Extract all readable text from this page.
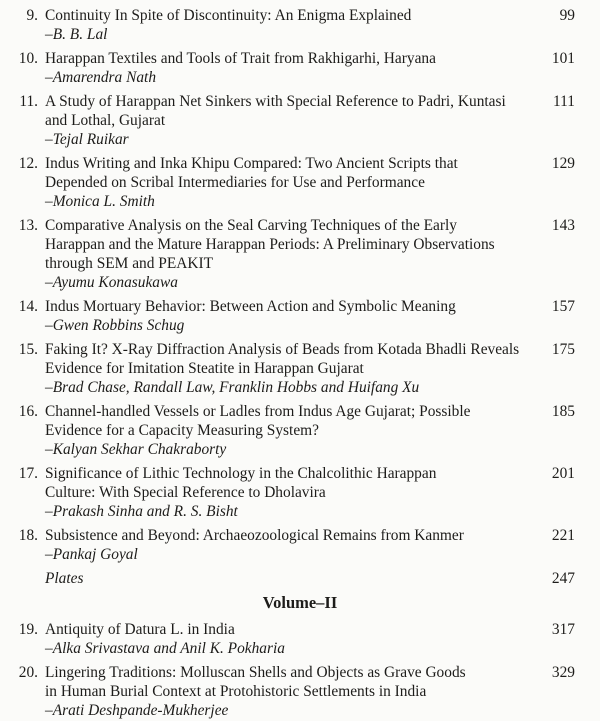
9. Continuity In Spite of Discontinuity: An Enigma Explained
–B. B. Lal
99
10. Harappan Textiles and Tools of Trait from Rakhigarhi, Haryana
–Amarendra Nath
101
11. A Study of Harappan Net Sinkers with Special Reference to Padri, Kuntasi
and Lothal, Gujarat
–Tejal Ruikar
111
12. Indus Writing and Inka Khipu Compared: Two Ancient Scripts that
Depended on Scribal Intermediaries for Use and Performance
–Monica L. Smith
129
13. Comparative Analysis on the Seal Carving Techniques of the Early
Harappan and the Mature Harappan Periods: A Preliminary Observations
through SEM and PEAKIT
–Ayumu Konasukawa
143
14. Indus Mortuary Behavior: Between Action and Symbolic Meaning
–Gwen Robbins Schug
157
15. Faking It? X-Ray Diffraction Analysis of Beads from Kotada Bhadli Reveals
Evidence for Imitation Steatite in Harappan Gujarat
–Brad Chase, Randall Law, Franklin Hobbs and Huifang Xu
175
16. Channel-handled Vessels or Ladles from Indus Age Gujarat; Possible
Evidence for a Capacity Measuring System?
–Kalyan Sekhar Chakraborty
185
17. Significance of Lithic Technology in the Chalcolithic Harappan
Culture: With Special Reference to Dholavira
–Prakash Sinha and R. S. Bisht
201
18. Subsistence and Beyond: Archaeozoological Remains from Kanmer
–Pankaj Goyal
221
Plates	247
Volume–II
19. Antiquity of Datura L. in India
–Alka Srivastava and Anil K. Pokharia
317
20. Lingering Traditions: Molluscan Shells and Objects as Grave Goods
in Human Burial Context at Protohistoric Settlements in India
–Arati Deshpande-Mukherjee
329
